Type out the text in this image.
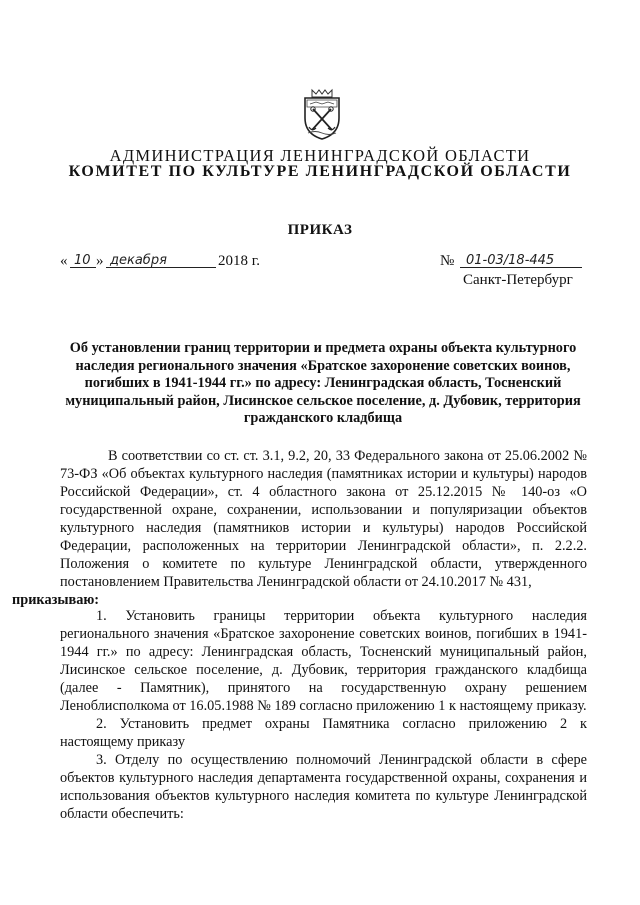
АДМИНИСТРАЦИЯ ЛЕНИНГРАДСКОЙ ОБЛАСТИ
КОМИТЕТ ПО КУЛЬТУРЕ ЛЕНИНГРАДСКОЙ ОБЛАСТИ
ПРИКАЗ
« 10 » декабря	2018 г.	№ 01-03/18-445
Санкт-Петербург
Об установлении границ территории и предмета охраны объекта культурного наследия регионального значения «Братское захоронение советских воинов, погибших в 1941-1944 гг.» по адресу: Ленинградская область, Тосненский муниципальный район, Лисинское сельское поселение, д. Дубовик, территория гражданского кладбища

В соответствии со ст. ст. 3.1, 9.2, 20, 33 Федерального закона от 25.06.2002 № 73-ФЗ «Об объектах культурного наследия (памятниках истории и культуры) народов Российской Федерации», ст. 4 областного закона от 25.12.2015 № 140-оз «О государственной охране, сохранении, использовании и популяризации объектов культурного наследия (памятников истории и культуры) народов Российской Федерации, расположенных на территории Ленинградской области», п. 2.2.2. Положения о комитете по культуре Ленинградской области, утвержденного постановлением Правительства Ленинградской области от 24.10.2017 № 431,
приказываю:

1. Установить границы территории объекта культурного наследия регионального значения «Братское захоронение советских воинов, погибших в 1941-1944 гг.» по адресу: Ленинградская область, Тосненский муниципальный район, Лисинское сельское поселение, д. Дубовик, территория гражданского кладбища (далее - Памятник), принятого на государственную охрану решением Леноблисполкома от 16.05.1988 № 189 согласно приложению 1 к настоящему приказу.

2. Установить предмет охраны Памятника согласно приложению 2 к настоящему приказу

3. Отделу по осуществлению полномочий Ленинградской области в сфере объектов культурного наследия департамента государственной охраны, сохранения и использования объектов культурного наследия комитета по культуре Ленинградской области обеспечить:
